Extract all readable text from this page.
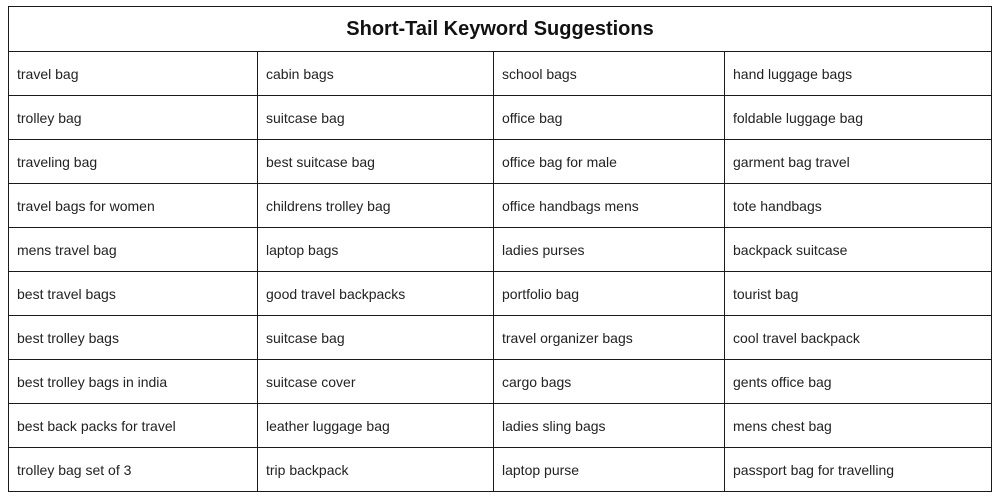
Short-Tail Keyword Suggestions			
travel bag	cabin bags	school bags	hand luggage bags
trolley bag	suitcase bag	office bag	foldable luggage bag
traveling bag	best suitcase bag	office bag for male	garment bag travel
travel bags for women	childrens trolley bag	office handbags mens	tote handbags
mens travel bag	laptop bags	ladies purses	backpack suitcase
best travel bags	good travel backpacks	portfolio bag	tourist bag
best trolley bags	suitcase bag	travel organizer bags	cool travel backpack
best trolley bags in india	suitcase cover	cargo bags	gents office bag
best back packs for travel	leather luggage bag	ladies sling bags	mens chest bag
trolley bag set of 3	trip backpack	laptop purse	passport bag for travelling
